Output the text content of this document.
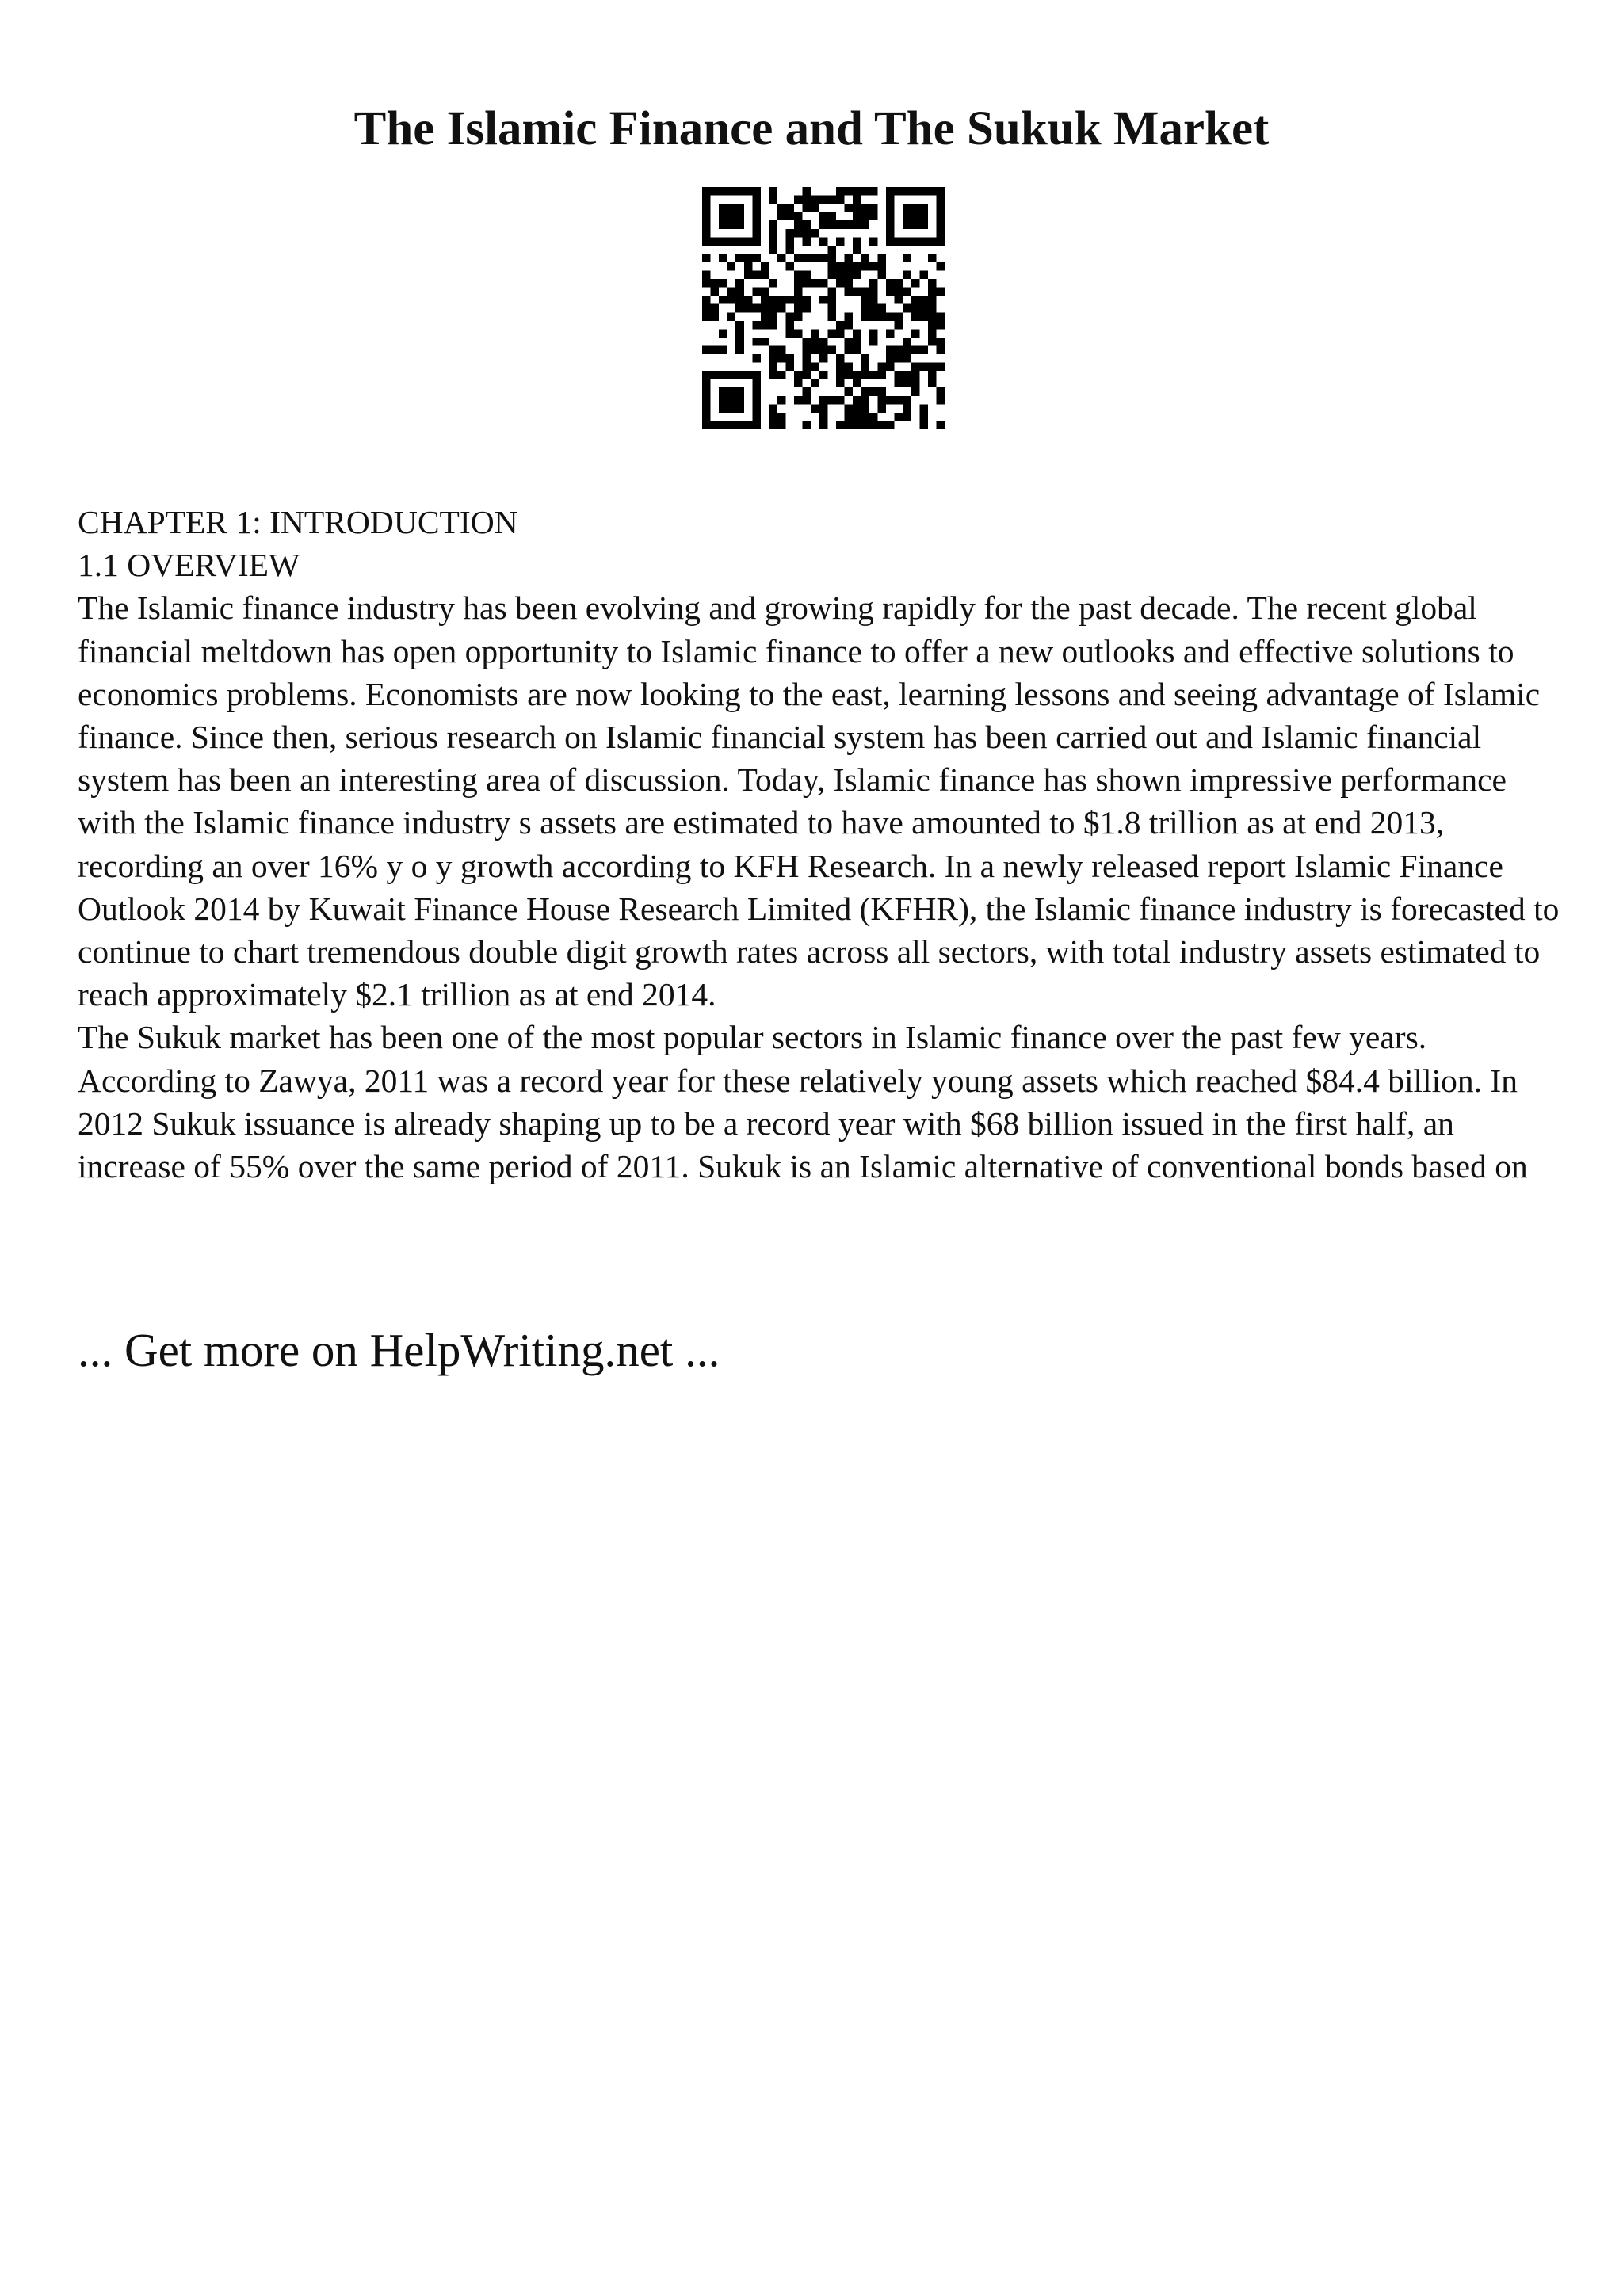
The Islamic Finance and The Sukuk Market

CHAPTER 1: INTRODUCTION

1.1 OVERVIEW

The Islamic finance industry has been evolving and growing rapidly for the past decade. The recent global financial meltdown has open opportunity to Islamic finance to offer a new outlooks and effective solutions to economics problems. Economists are now looking to the east, learning lessons and seeing advantage of Islamic finance. Since then, serious research on Islamic financial system has been carried out and Islamic financial system has been an interesting area of discussion. Today, Islamic finance has shown impressive performance with the Islamic finance industry s assets are estimated to have amounted to $1.8 trillion as at end 2013, recording an over 16% y o y growth according to KFH Research. In a newly released report Islamic Finance Outlook 2014 by Kuwait Finance House Research Limited (KFHR), the Islamic finance industry is forecasted to continue to chart tremendous double digit growth rates across all sectors, with total industry assets estimated to reach approximately $2.1 trillion as at end 2014.

The Sukuk market has been one of the most popular sectors in Islamic finance over the past few years. According to Zawya, 2011 was a record year for these relatively young assets which reached $84.4 billion. In 2012 Sukuk issuance is already shaping up to be a record year with $68 billion issued in the first half, an increase of 55% over the same period of 2011. Sukuk is an Islamic alternative of conventional bonds based on

... Get more on HelpWriting.net ...
